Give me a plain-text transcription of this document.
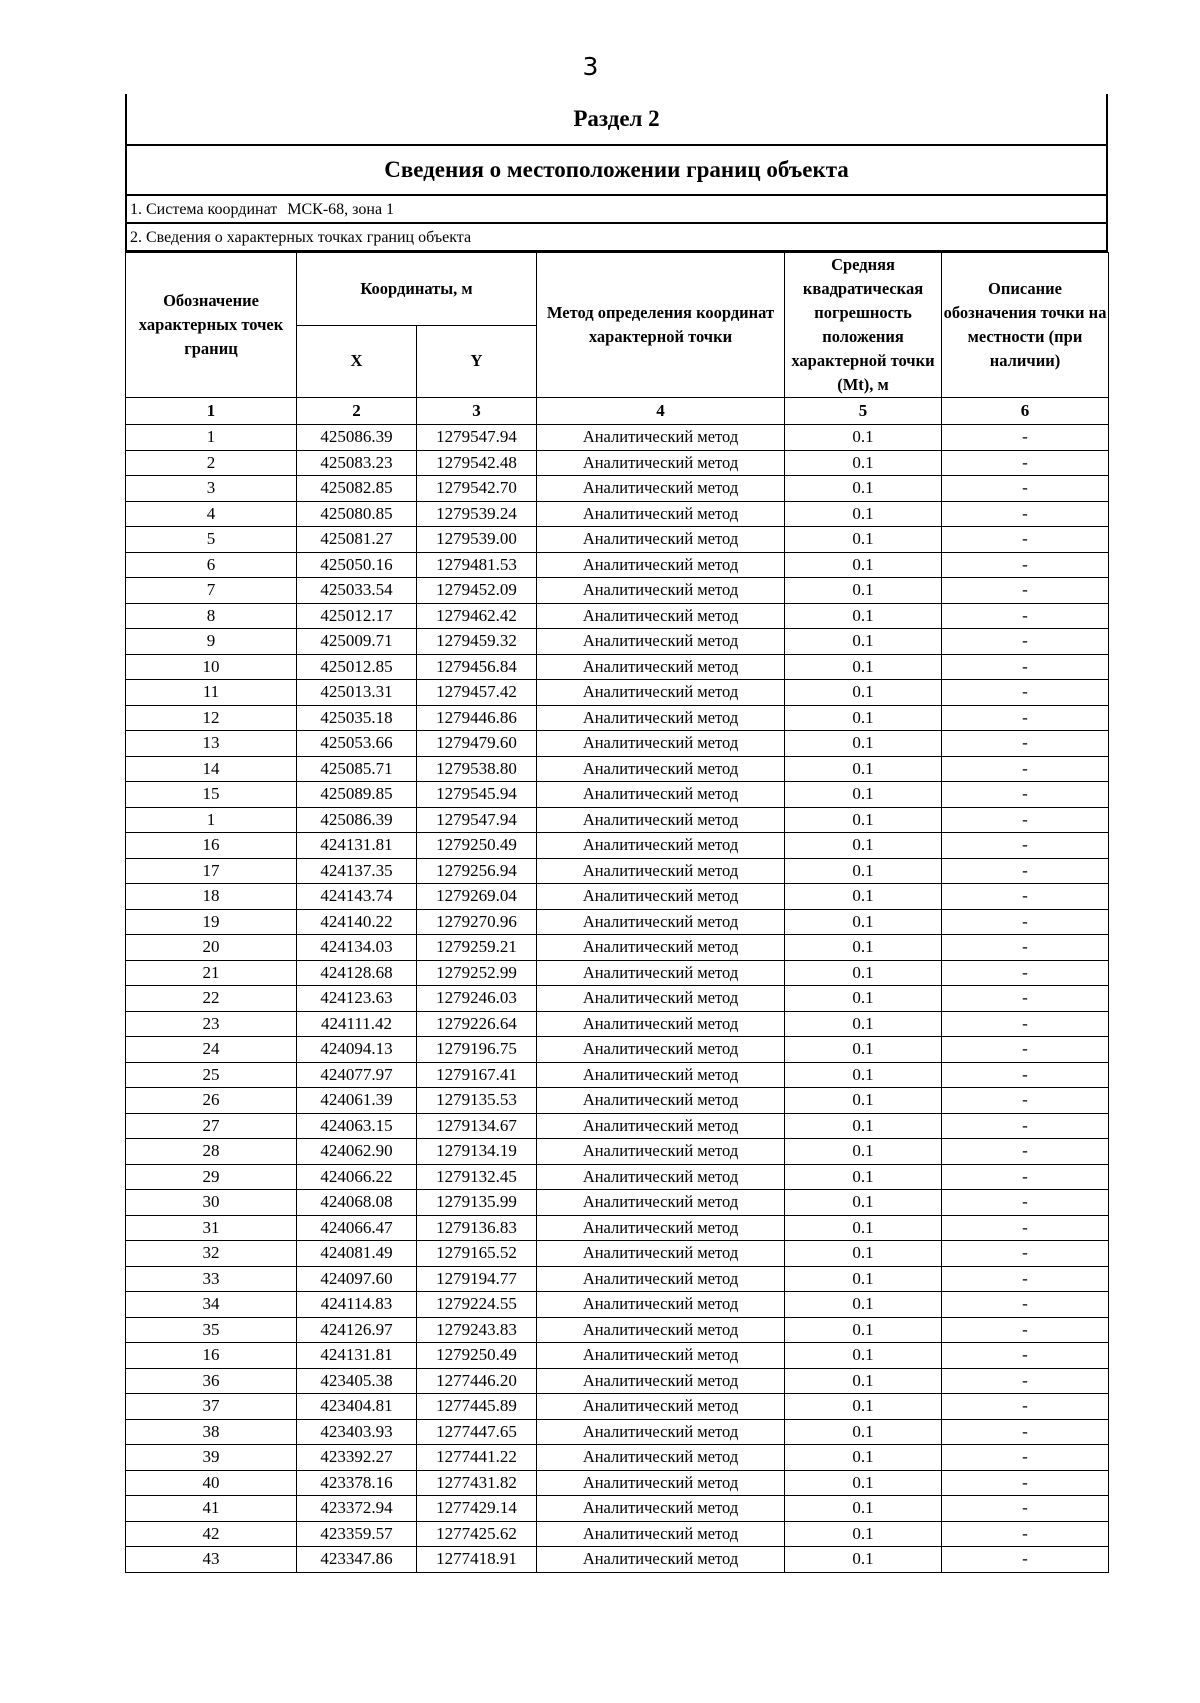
3
Раздел 2
Сведения о местоположении границ объекта
1. Система координат МСК-68, зона 1
2. Сведения о характерных точках границ объекта
Обозначение характерных точек границ	Координаты, м		Метод определения координат характерной точки	Средняя квадратическая погрешность положения характерной точки (Mt), м	Описание обозначения точки на местности (при наличии)
	X	Y			
1	2	3	4	5	6
1	425086.39	1279547.94	Аналитический метод	0.1	-
2	425083.23	1279542.48	Аналитический метод	0.1	-
3	425082.85	1279542.70	Аналитический метод	0.1	-
4	425080.85	1279539.24	Аналитический метод	0.1	-
5	425081.27	1279539.00	Аналитический метод	0.1	-
6	425050.16	1279481.53	Аналитический метод	0.1	-
7	425033.54	1279452.09	Аналитический метод	0.1	-
8	425012.17	1279462.42	Аналитический метод	0.1	-
9	425009.71	1279459.32	Аналитический метод	0.1	-
10	425012.85	1279456.84	Аналитический метод	0.1	-
11	425013.31	1279457.42	Аналитический метод	0.1	-
12	425035.18	1279446.86	Аналитический метод	0.1	-
13	425053.66	1279479.60	Аналитический метод	0.1	-
14	425085.71	1279538.80	Аналитический метод	0.1	-
15	425089.85	1279545.94	Аналитический метод	0.1	-
1	425086.39	1279547.94	Аналитический метод	0.1	-
16	424131.81	1279250.49	Аналитический метод	0.1	-
17	424137.35	1279256.94	Аналитический метод	0.1	-
18	424143.74	1279269.04	Аналитический метод	0.1	-
19	424140.22	1279270.96	Аналитический метод	0.1	-
20	424134.03	1279259.21	Аналитический метод	0.1	-
21	424128.68	1279252.99	Аналитический метод	0.1	-
22	424123.63	1279246.03	Аналитический метод	0.1	-
23	424111.42	1279226.64	Аналитический метод	0.1	-
24	424094.13	1279196.75	Аналитический метод	0.1	-
25	424077.97	1279167.41	Аналитический метод	0.1	-
26	424061.39	1279135.53	Аналитический метод	0.1	-
27	424063.15	1279134.67	Аналитический метод	0.1	-
28	424062.90	1279134.19	Аналитический метод	0.1	-
29	424066.22	1279132.45	Аналитический метод	0.1	-
30	424068.08	1279135.99	Аналитический метод	0.1	-
31	424066.47	1279136.83	Аналитический метод	0.1	-
32	424081.49	1279165.52	Аналитический метод	0.1	-
33	424097.60	1279194.77	Аналитический метод	0.1	-
34	424114.83	1279224.55	Аналитический метод	0.1	-
35	424126.97	1279243.83	Аналитический метод	0.1	-
16	424131.81	1279250.49	Аналитический метод	0.1	-
36	423405.38	1277446.20	Аналитический метод	0.1	-
37	423404.81	1277445.89	Аналитический метод	0.1	-
38	423403.93	1277447.65	Аналитический метод	0.1	-
39	423392.27	1277441.22	Аналитический метод	0.1	-
40	423378.16	1277431.82	Аналитический метод	0.1	-
41	423372.94	1277429.14	Аналитический метод	0.1	-
42	423359.57	1277425.62	Аналитический метод	0.1	-
43	423347.86	1277418.91	Аналитический метод	0.1	-
